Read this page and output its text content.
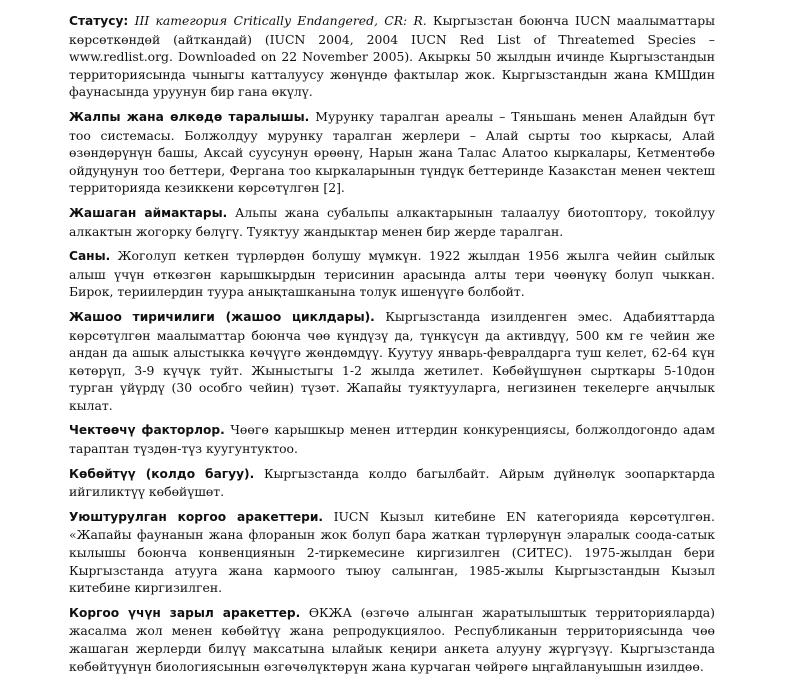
Статусу: III категория Critically Endangered, CR: R. Кыргызстан боюнча IUCN маалыматтары көрсөткөндөй (айткандай) (IUCN 2004, 2004 IUCN Red List of Threatemed Species – www.redlist.org. Downloaded on 22 November 2005). Акыркы 50 жылдын ичинде Кыргызстандын территориясында чыныгы катталуусу жөнүндө фактылар жок. Кыргызстандын жана КМШдин фаунасында уруунун бир гана өкүлү.

Жалпы жана өлкөдө таралышы. Мурунку таралган ареалы – Тяньшань менен Алайдын бүт тоо системасы. Болжолдуу мурунку таралган жерлери – Алай сырты тоо кыркасы, Алай өзөндөрүнүн башы, Аксай суусунун өрөөнү, Нарын жана Талас Алатоо кыркалары, Кетментөбө ойдуңунун тоо беттери, Фергана тоо кыркаларынын түндүк беттеринде Казакстан менен чектеш территорияда кезиккени көрсөтүлгөн [2].

Жашаган аймактары. Альпы жана субальпы алкактарынын талаалуу биотоптору, токойлуу алкактын жогорку бөлүгү. Туяктуу жандыктар менен бир жерде таралган.

Саны. Жоголуп кеткен түрлөрдөн болушу мүмкүн. 1922 жылдан 1956 жылга чейин сыйлык алыш үчүн өткөзгөн карышкырдын терисинин арасында алты тери чөөнүкү болуп чыккан. Бирок, териилердин туура анықташканына толук ишенүүгө болбойт.

Жашоо тиричилиги (жашоо циклдары). Кыргызстанда изилденген эмес. Адабияттарда көрсөтүлгөн маалыматтар боюнча чөө күндүзү да, түнкүсүн да активдүү, 500 км ге чейин же андан да ашык алыстыкка көчүүгө жөндөмдүү. Куутуу январь-февралдарга туш келет, 62-64 күн көтөрүп, 3-9 күчүк туйт. Жыныстыгы 1-2 жылда жетилет. Көбөйүшүнөн сырткары 5-10дон турган үйүрдү (30 особго чейин) түзөт. Жапайы туяктууларга, негизинен текелерге аңчылык кылат.

Чектөөчү факторлор. Чөөгө карышкыр менен иттердин конкуренциясы, болжолдогондо адам тараптан түздөн-түз куугунтуктоо.

Көбөйтүү (колдо багуу). Кыргызстанда колдо багылбайт. Айрым дүйнөлүк зоопарктарда ийгиликтүү көбөйүшөт.

Уюштурулган коргоо аракеттери. IUCN Кызыл китебине EN категорияда көрсөтүлгөн. «Жапайы фаунанын жана флоранын жок болуп бара жаткан түрлөрүнүн эларалык соода-сатык кылышы боюнча конвенциянын 2-тиркемесине киргизилген (СИТЕС). 1975-жылдан бери Кыргызстанда атууга жана кармоого тыюу салынган, 1985-жылы Кыргызстандын Кызыл китебине киргизилген.

Коргоо үчүн зарыл аракеттер. ӨКЖА (өзгөчө алынган жаратылыштык территорияларда) жасалма жол менен көбөйтүү жана репродукциялоо. Республиканын территориясында чөө жашаган жерлерди билүү максатына ылайык кеңири анкета алууну жүргүзүү. Кыргызстанда көбөйтүүнүн биологиясынын өзгөчөлүктөрүн жана курчаган чөйрөгө ыңгайлануышын изилдөө.
